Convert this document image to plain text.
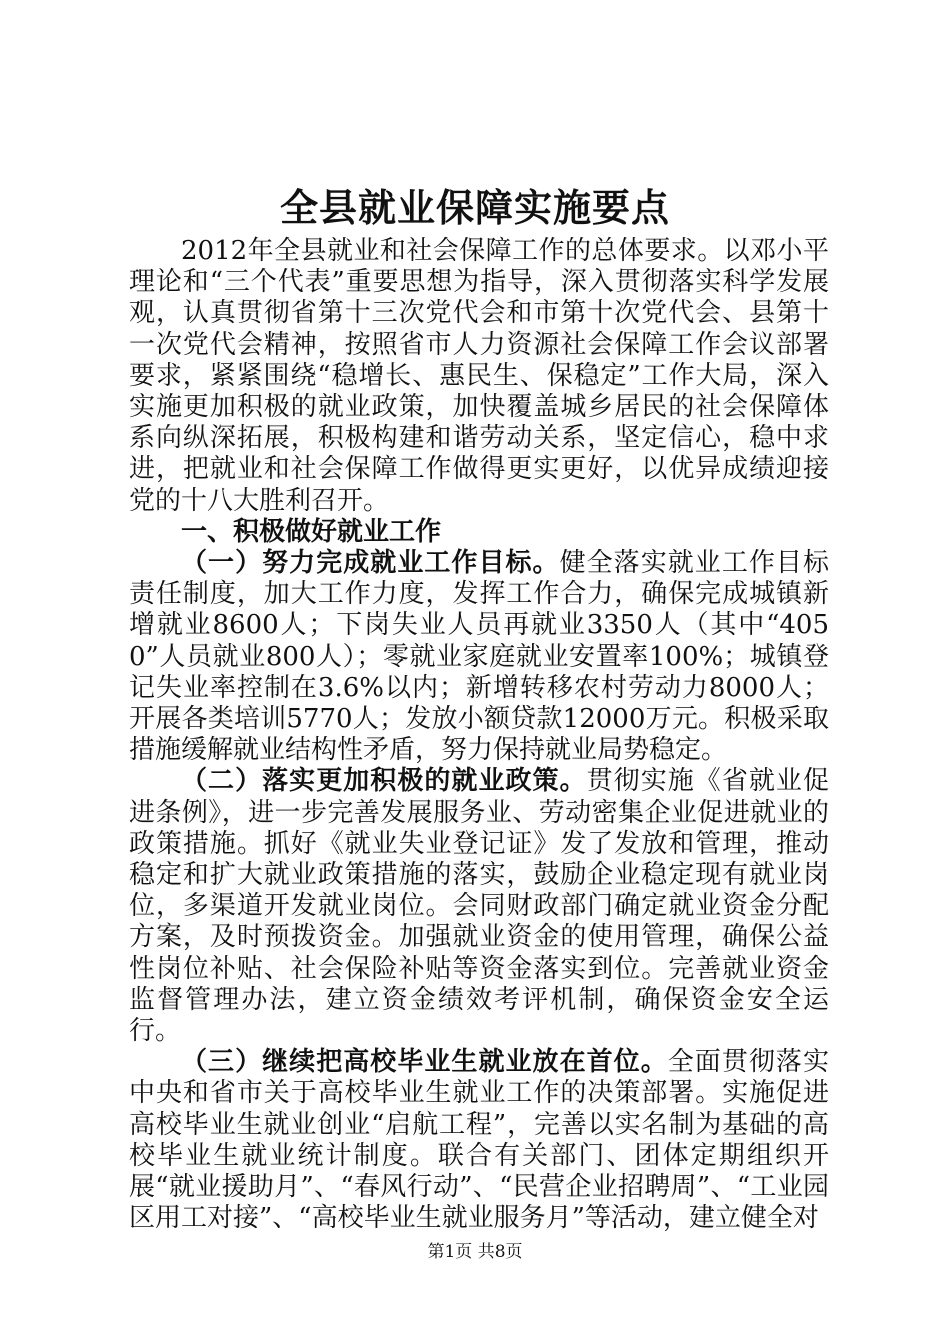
全县就业保障实施要点

2012年全县就业和社会保障工作的总体要求。以邓小平理论和“三个代表”重要思想为指导，深入贯彻落实科学发展观，认真贯彻省第十三次党代会和市第十次党代会、县第十一次党代会精神，按照省市人力资源社会保障工作会议部署要求，紧紧围绕“稳增长、惠民生、保稳定”工作大局，深入实施更加积极的就业政策，加快覆盖城乡居民的社会保障体系向纵深拓展，积极构建和谐劳动关系，坚定信心，稳中求进，把就业和社会保障工作做得更实更好，以优异成绩迎接党的十八大胜利召开。

一、积极做好就业工作

（一）努力完成就业工作目标。健全落实就业工作目标责任制度，加大工作力度，发挥工作合力，确保完成城镇新增就业8600人；下岗失业人员再就业3350人（其中“4050”人员就业800人）；零就业家庭就业安置率100%；城镇登记失业率控制在3.6%以内；新增转移农村劳动力8000人；开展各类培训5770人；发放小额贷款12000万元。积极采取措施缓解就业结构性矛盾，努力保持就业局势稳定。

（二）落实更加积极的就业政策。贯彻实施《省就业促进条例》，进一步完善发展服务业、劳动密集企业促进就业的政策措施。抓好《就业失业登记证》发了发放和管理，推动稳定和扩大就业政策措施的落实，鼓励企业稳定现有就业岗位，多渠道开发就业岗位。会同财政部门确定就业资金分配方案，及时预拨资金。加强就业资金的使用管理，确保公益性岗位补贴、社会保险补贴等资金落实到位。完善就业资金监督管理办法，建立资金绩效考评机制，确保资金安全运行。

（三）继续把高校毕业生就业放在首位。全面贯彻落实中央和省市关于高校毕业生就业工作的决策部署。实施促进高校毕业生就业创业“启航工程”，完善以实名制为基础的高校毕业生就业统计制度。联合有关部门、团体定期组织开展“就业援助月”、“春风行动”、“民营企业招聘周”、“工业园区用工对接”、“高校毕业生就业服务月”等活动，建立健全对

第1页 共8页
